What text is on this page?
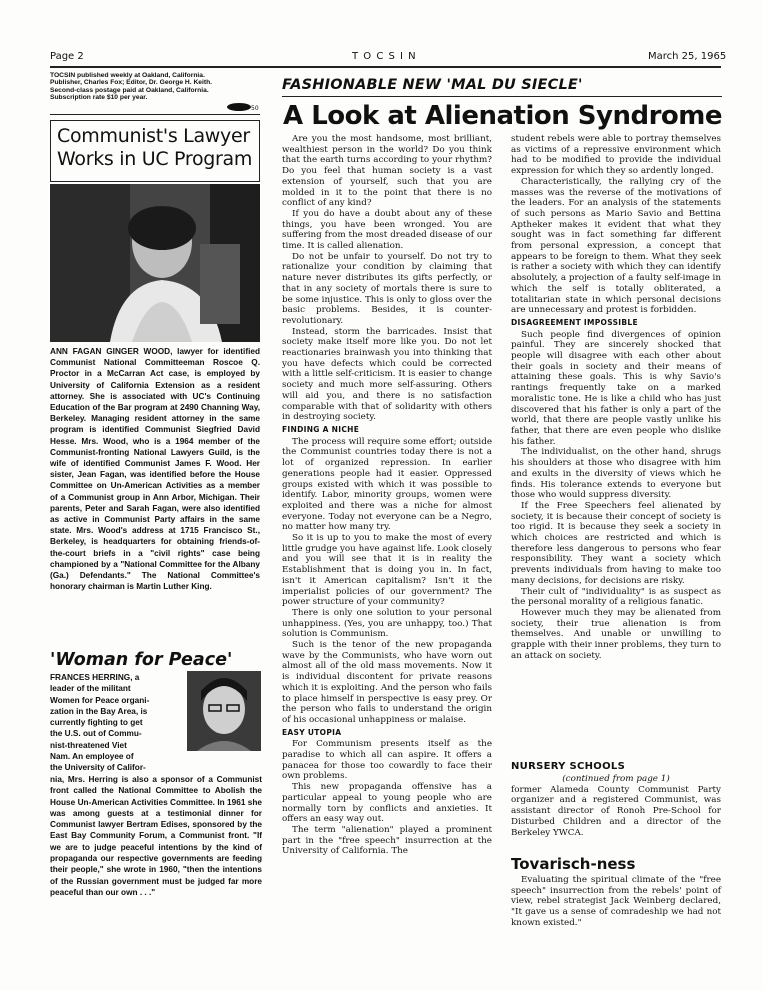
Page 2	T O C S I N	March 25, 1965
TOCSIN published weekly at Oakland, California.
Publisher, Charles Fox; Editor, Dr. George H. Keith.
Second-class postage paid at Oakland, California.
Subscription rate $10 per year.
50
Communist's Lawyer Works in UC Program
ANN FAGAN GINGER WOOD, lawyer for identified Communist National Committeeman Roscoe Q. Proctor in a McCarran Act case, is employed by University of California Extension as a resident attorney. She is associated with UC's Continuing Education of the Bar program at 2490 Channing Way, Berkeley. Managing resident attorney in the same program is identified Communist Siegfried David Hesse. Mrs. Wood, who is a 1964 member of the Communist-fronting National Lawyers Guild, is the wife of identified Communist James F. Wood. Her sister, Jean Fagan, was identified before the House Committee on Un-American Activities as a member of a Communist group in Ann Arbor, Michigan. Their parents, Peter and Sarah Fagan, were also identified as active in Communist Party affairs in the same state. Mrs. Wood's address at 1715 Francisco St., Berkeley, is headquarters for obtaining friends-of-the-court briefs in a "civil rights" case being championed by a "National Committee for the Albany (Ga.) Defendants." The National Committee's honorary chairman is Martin Luther King.
'Woman for Peace'
FRANCES HERRING, a
leader of the militant
Women for Peace organi-
zation in the Bay Area, is
currently fighting to get
the U.S. out of Commu-
nist-threatened Viet
Nam. An employee of
the University of Califor-
nia, Mrs. Herring is also a sponsor of a Communist front called the National Committee to Abolish the House Un-American Activities Committee. In 1961 she was among guests at a testimonial dinner for Communist lawyer Bertram Edises, sponsored by the East Bay Community Forum, a Communist front. "If we are to judge peaceful intentions by the kind of propaganda our respective governments are feeding their people," she wrote in 1960, "then the intentions of the Russian government must be judged far more peaceful than our own . . ."
FASHIONABLE NEW 'MAL DU SIECLE'
A Look at Alienation Syndrome

Are you the most handsome, most brilliant, wealthiest person in the world? Do you think that the earth turns according to your rhythm? Do you feel that human society is a vast extension of yourself, such that you are molded in it to the point that there is no conflict of any kind?

If you do have a doubt about any of these things, you have been wronged. You are suffering from the most dreaded disease of our time. It is called alienation.

Do not be unfair to yourself. Do not try to rationalize your condition by claiming that nature never distributes its gifts perfectly, or that in any society of mortals there is sure to be some injustice. This is only to gloss over the basic problems. Besides, it is counter-revolutionary.

Instead, storm the barricades. Insist that society make itself more like you. Do not let reactionaries brainwash you into thinking that you have defects which could be corrected with a little self-criticism. It is easier to change society and much more self-assuring. Others will aid you, and there is no satisfaction comparable with that of solidarity with others in destroying society.

FINDING A NICHE

The process will require some effort; outside the Communist countries today there is not a lot of organized repression. In earlier generations people had it easier. Oppressed groups existed with which it was possible to identify. Labor, minority groups, women were exploited and there was a niche for almost everyone. Today not everyone can be a Negro, no matter how many try.

So it is up to you to make the most of every little grudge you have against life. Look closely and you will see that it is in reality the Establishment that is doing you in. In fact, isn't it American capitalism? Isn't it the imperialist policies of our government? The power structure of your community?

There is only one solution to your personal unhappiness. (Yes, you are unhappy, too.) That solution is Communism.

Such is the tenor of the new propaganda wave by the Communists, who have worn out almost all of the old mass movements. Now it is individual discontent for private reasons which it is exploiting. And the person who fails to place himself in perspective is easy prey. Or the person who fails to understand the origin of his occasional unhappiness or malaise.

EASY UTOPIA

For Communism presents itself as the paradise to which all can aspire. It offers a panacea for those too cowardly to face their own problems.

This new propaganda offensive has a particular appeal to young people who are normally torn by conflicts and anxieties. It offers an easy way out.

The term "alienation" played a prominent part in the "free speech" insurrection at the University of California. The

student rebels were able to portray themselves as victims of a repressive environment which had to be modified to provide the individual expression for which they so ardently longed.

Characteristically, the rallying cry of the masses was the reverse of the motivations of the leaders. For an analysis of the statements of such persons as Mario Savio and Bettina Aptheker makes it evident that what they sought was in fact something far different from personal expression, a concept that appears to be foreign to them. What they seek is rather a society with which they can identify absolutely, a projection of a faulty self-image in which the self is totally obliterated, a totalitarian state in which personal decisions are unnecessary and protest is forbidden.

DISAGREEMENT IMPOSSIBLE

Such people find divergences of opinion painful. They are sincerely shocked that people will disagree with each other about their goals in society and their means of attaining these goals. This is why Savio's rantings frequently take on a marked moralistic tone. He is like a child who has just discovered that his father is only a part of the world, that there are people vastly unlike his father, that there are even people who dislike his father.

The individualist, on the other hand, shrugs his shoulders at those who disagree with him and exults in the diversity of views which he finds. His tolerance extends to everyone but those who would suppress diversity.

If the Free Speechers feel alienated by society, it is because their concept of society is too rigid. It is because they seek a society in which choices are restricted and which is therefore less dangerous to persons who fear responsibility. They want a society which prevents individuals from having to make too many decisions, for decisions are risky.

Their cult of "individuality" is as suspect as the personal morality of a religious fanatic.

However much they may be alienated from society, their true alienation is from themselves. And unable or unwilling to grapple with their inner problems, they turn to an attack on society.

NURSERY SCHOOLS

(continued from page 1)

former Alameda County Communist Party organizer and a registered Communist, was assistant director of Ronoh Pre-School for Disturbed Children and a director of the Berkeley YWCA.

Tovarisch-ness

Evaluating the spiritual climate of the "free speech" insurrection from the rebels' point of view, rebel strategist Jack Weinberg declared, "It gave us a sense of comradeship we had not known existed."
